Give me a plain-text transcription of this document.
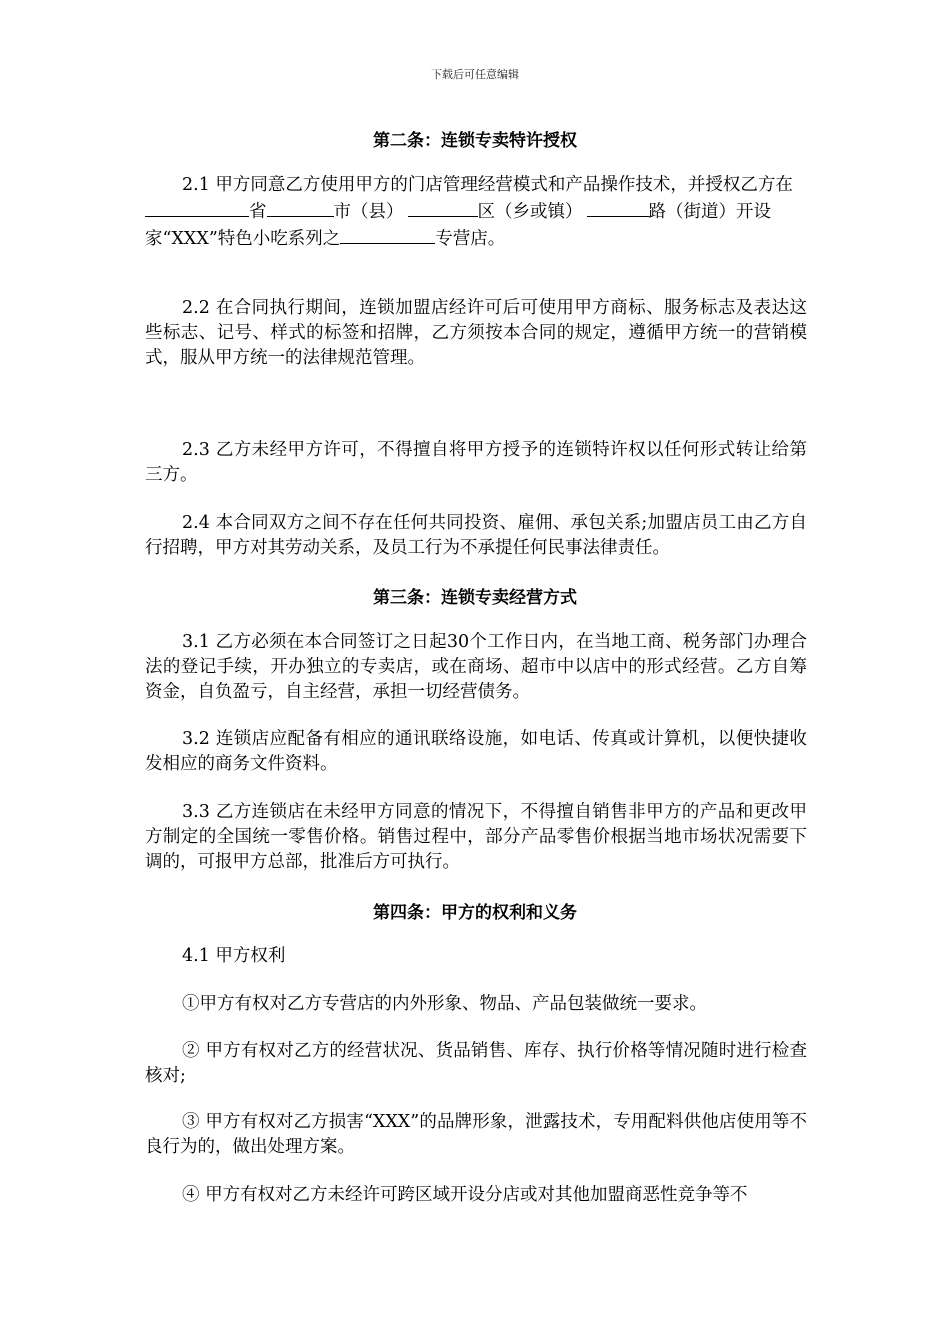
下载后可任意编辑
第二条：连锁专卖特许授权
2.1 甲方同意乙方使用甲方的门店管理经营模式和产品操作技术，并授权乙方在
省	市（县）	区（乡或镇）	路（街道）开设
家“XXX”特色小吃系列之	专营店。
2.2 在合同执行期间，连锁加盟店经许可后可使用甲方商标、服务标志及表达这些标志、记号、样式的标签和招牌，乙方须按本合同的规定，遵循甲方统一的营销模式，服从甲方统一的法律规范管理。
2.3 乙方未经甲方许可，不得擅自将甲方授予的连锁特许权以任何形式转让给第三方。
2.4 本合同双方之间不存在任何共同投资、雇佣、承包关系;加盟店员工由乙方自行招聘，甲方对其劳动关系，及员工行为不承提任何民事法律责任。
第三条：连锁专卖经营方式
3.1 乙方必须在本合同签订之日起30个工作日内，在当地工商、税务部门办理合法的登记手续，开办独立的专卖店，或在商场、超市中以店中的形式经营。乙方自筹资金，自负盈亏，自主经营，承担一切经营债务。
3.2 连锁店应配备有相应的通讯联络设施，如电话、传真或计算机，以便快捷收发相应的商务文件资料。
3.3 乙方连锁店在未经甲方同意的情况下，不得擅自销售非甲方的产品和更改甲方制定的全国统一零售价格。销售过程中，部分产品零售价根据当地市场状况需要下调的，可报甲方总部，批准后方可执行。
第四条：甲方的权利和义务
4.1 甲方权利
①甲方有权对乙方专营店的内外形象、物品、产品包装做统一要求。
② 甲方有权对乙方的经营状况、货品销售、库存、执行价格等情况随时进行检查核对;
③ 甲方有权对乙方损害“XXX”的品牌形象，泄露技术，专用配料供他店使用等不良行为的，做出处理方案。
④ 甲方有权对乙方未经许可跨区域开设分店或对其他加盟商恶性竞争等不
